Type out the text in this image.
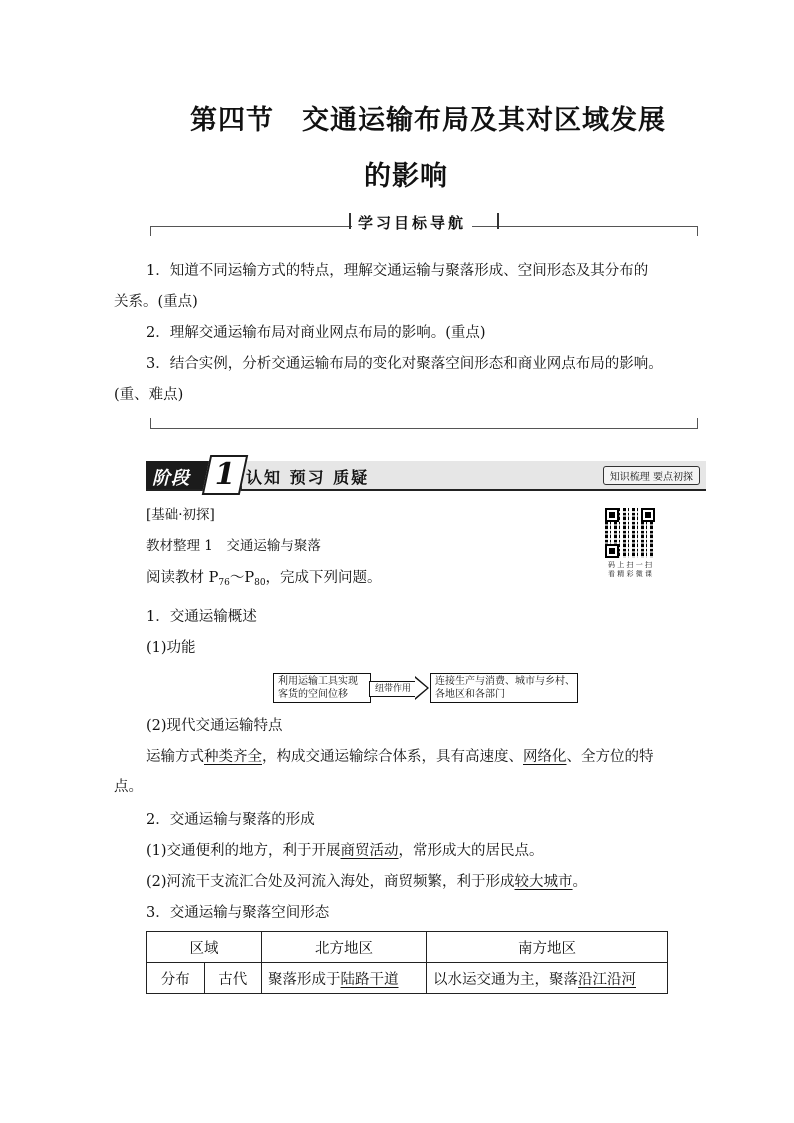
第四节　交通运输布局及其对区域发展
的影响
学习目标导航
1．知道不同运输方式的特点，理解交通运输与聚落形成、空间形态及其分布的
关系。(重点)
2．理解交通运输布局对商业网点布局的影响。(重点)
3．结合实例，分析交通运输布局的变化对聚落空间形态和商业网点布局的影响。
(重、难点)
阶段 1 认知 预习 质疑	知识梳理 要点初探
码 上 扫 一 扫
看 精 彩 微 课
[基础·初探]
教材整理 1　交通运输与聚落
阅读教材 $P_{76}\sim P_{80}$，完成下列问题。
1．交通运输概述
(1)功能
利用运输工具实现
客货的空间位移	纽带作用
连接生产与消费、城市与乡村、
各地区和各部门
(2)现代交通运输特点
运输方式种类齐全，构成交通运输综合体系，具有高速度、网络化、全方位的特
点。
2．交通运输与聚落的形成
(1)交通便利的地方，利于开展商贸活动，常形成大的居民点。
(2)河流干支流汇合处及河流入海处，商贸频繁，利于形成较大城市。
3．交通运输与聚落空间形态
区域		北方地区	南方地区
分布	古代	聚落形成于陆路干道	以水运交通为主，聚落沿江沿河
